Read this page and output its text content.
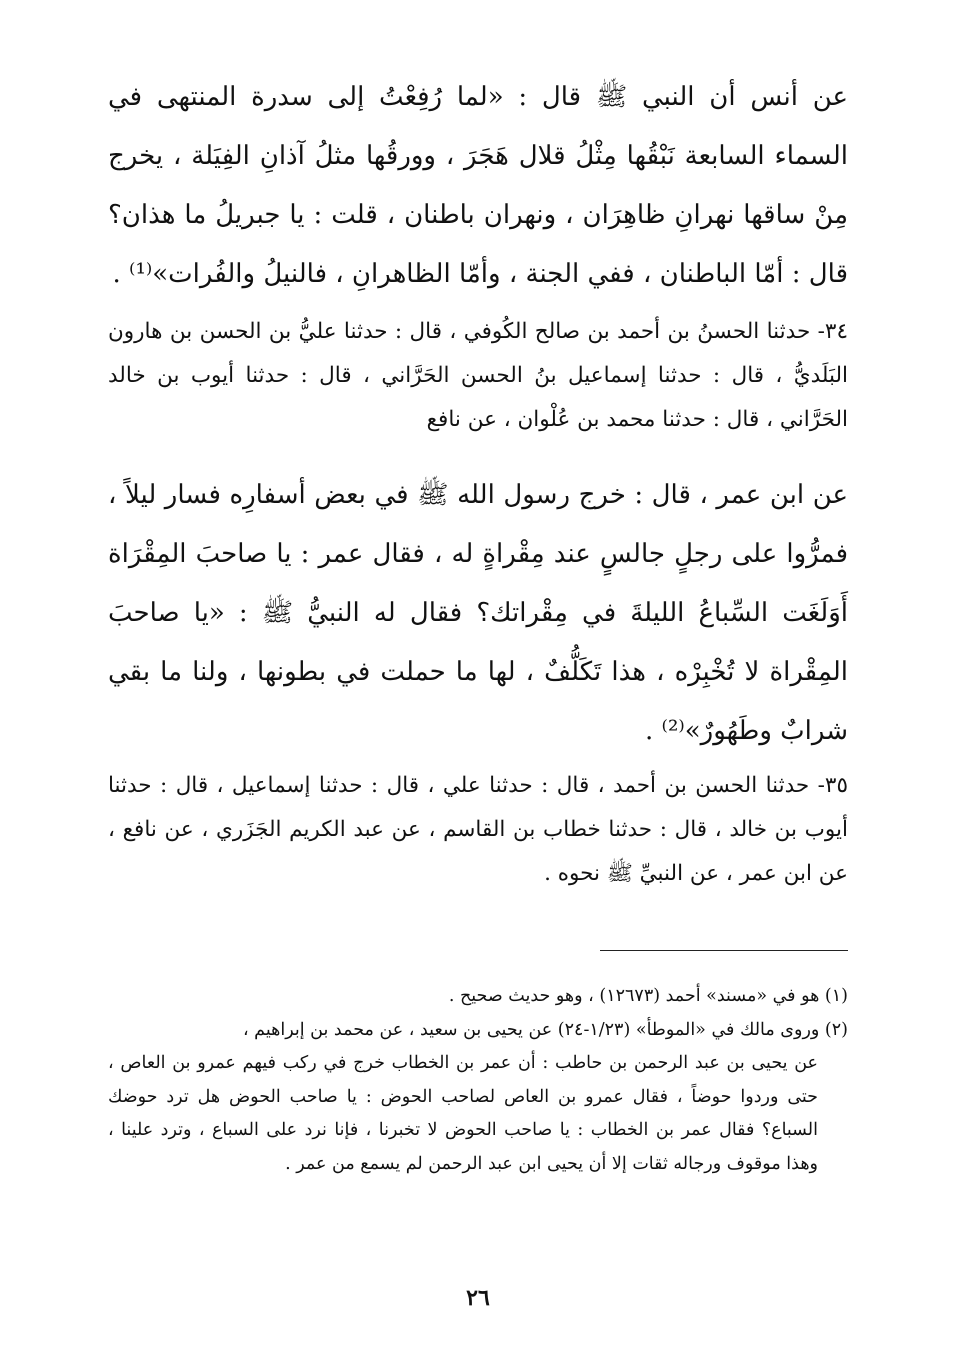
عن أنس أن النبي ﷺ قال : «لما رُفِعْتُ إلى سدرة المنتهى في السماء السابعة نَبْقُها مِثْلُ قلال هَجَرَ ، وورقُها مثلُ آذانِ الفِيَلة ، يخرج مِنْ ساقها نهرانِ ظاهِرَان ، ونهران باطنان ، قلت : يا جبريلُ ما هذان؟ قال : أمّا الباطنان ، ففي الجنة ، وأمّا الظاهرانِ ، فالنيلُ والفُرات»⁽¹⁾ .

٣٤- حدثنا الحسنُ بن أحمد بن صالح الكُوفي ، قال : حدثنا عليُّ بن الحسن بن هارون البَلَديُّ ، قال : حدثنا إسماعيل بنُ الحسن الحَرَّاني ، قال : حدثنا أيوب بن خالد الحَرَّاني ، قال : حدثنا محمد بن عُلْوان ، عن نافع

عن ابن عمر ، قال : خرج رسول الله ﷺ في بعض أسفارِه فسار ليلاً ، فمرُّوا على رجلٍ جالسٍ عند مِقْراةٍ له ، فقال عمر : يا صاحبَ المِقْرَاة أَوَلَغَت السِّباعُ الليلةَ في مِقْراتك؟ فقال له النبيُّ ﷺ : «يا صاحبَ المِقْراة لا تُخْبِرْه ، هذا تَكَلُّفٌ ، لها ما حملت في بطونها ، ولنا ما بقي شرابٌ وطَهُورٌ»⁽²⁾ .

٣٥- حدثنا الحسن بن أحمد ، قال : حدثنا علي ، قال : حدثنا إسماعيل ، قال : حدثنا أيوب بن خالد ، قال : حدثنا خطاب بن القاسم ، عن عبد الكريم الجَزَري ، عن نافع ، عن ابن عمر ، عن النبيِّ ﷺ نحوه .

(١) هو في «مسند» أحمد (١٢٦٧٣) ، وهو حديث صحيح .

(٢) وروى مالك في «الموطأ» (١/٢٣-٢٤) عن يحيى بن سعيد ، عن محمد بن إبراهيم ،

عن يحيى بن عبد الرحمن بن حاطب : أن عمر بن الخطاب خرج في ركب فيهم عمرو بن العاص ، حتى وردوا حوضاً ، فقال عمرو بن العاص لصاحب الحوض : يا صاحب الحوض هل ترد حوضك السباع؟ فقال عمر بن الخطاب : يا صاحب الحوض لا تخبرنا ، فإنا نرد على السباع ، وترد علينا ، وهذا موقوف ورجاله ثقات إلا أن يحيى ابن عبد الرحمن لم يسمع من عمر .

٢٦
